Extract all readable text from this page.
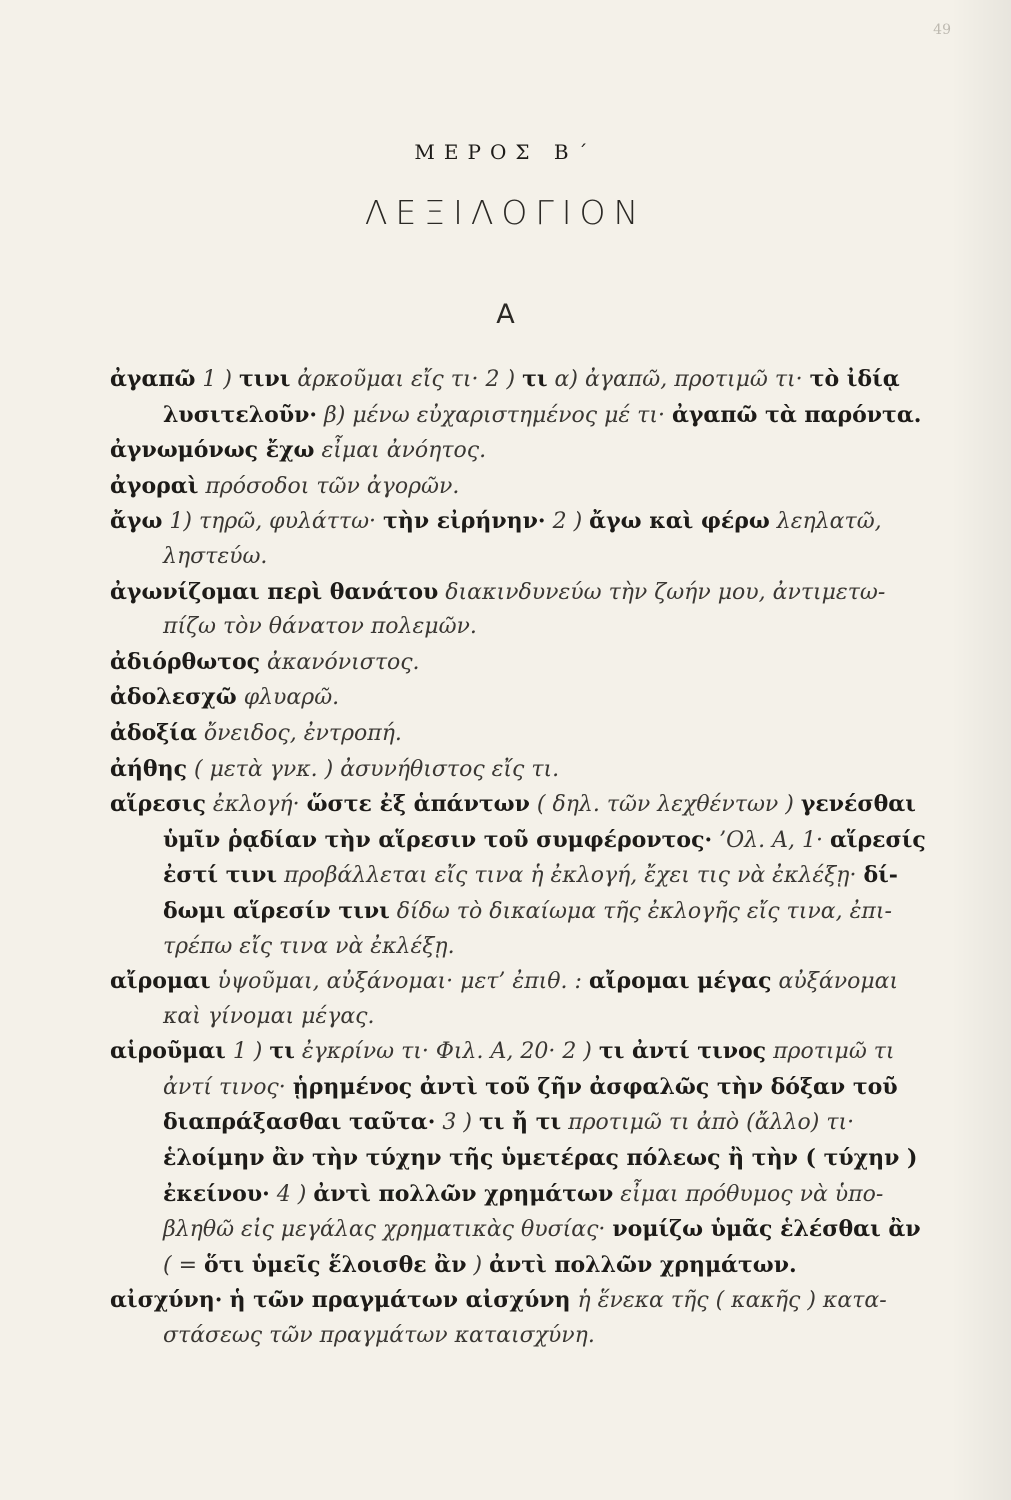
49
ΜΕΡΟΣ Β΄
ΛΕΞΙΛΟΓΙΟΝ
Α
ἀγαπῶ 1 ) τινι ἀρκοῦμαι εἴς τι· 2 ) τι α) ἀγαπῶ, προτιμῶ τι· τὸ ἰδίᾳ
λυσιτελοῦν· β) μένω εὐχαριστημένος μέ τι· ἀγαπῶ τὰ παρόντα.
ἀγνωμόνως ἔχω εἶμαι ἀνόητος.
ἀγοραὶ πρόσοδοι τῶν ἀγορῶν.
ἄγω 1) τηρῶ, φυλάττω· τὴν εἰρήνην· 2 ) ἄγω καὶ φέρω λεηλατῶ,
ληστεύω.
ἀγωνίζομαι περὶ θανάτου διακινδυνεύω τὴν ζωήν μου, ἀντιμετω-
πίζω τὸν θάνατον πολεμῶν.
ἀδιόρθωτος ἀκανόνιστος.
ἀδολεσχῶ φλυαρῶ.
ἀδοξία ὄνειδος, ἐντροπή.
ἀήθης ( μετὰ γνκ. ) ἀσυνήθιστος εἴς τι.
αἵρεσις ἐκλογή· ὥστε ἐξ ἁπάντων ( δηλ. τῶν λεχθέντων ) γενέσθαι
ὑμῖν ῥᾳδίαν τὴν αἵρεσιν τοῦ συμφέροντος· ’Ολ. Α, 1· αἵρεσίς
ἐστί τινι προβάλλεται εἴς τινα ἡ ἐκλογή, ἔχει τις νὰ ἐκλέξῃ· δί-
δωμι αἵρεσίν τινι δίδω τὸ δικαίωμα τῆς ἐκλογῆς εἴς τινα, ἐπι-
τρέπω εἴς τινα νὰ ἐκλέξῃ.
αἴρομαι ὑψοῦμαι, αὐξάνομαι· μετ’ ἐπιθ. : αἴρομαι μέγας αὐξάνομαι
καὶ γίνομαι μέγας.
αἱροῦμαι 1 ) τι ἐγκρίνω τι· Φιλ. Α, 20· 2 ) τι ἀντί τινος προτιμῶ τι
ἀντί τινος· ᾑρημένος ἀντὶ τοῦ ζῆν ἀσφαλῶς τὴν δόξαν τοῦ
διαπράξασθαι ταῦτα· 3 ) τι ἤ τι προτιμῶ τι ἀπὸ (ἄλλο) τι·
ἑλοίμην ἂν τὴν τύχην τῆς ὑμετέρας πόλεως ἢ τὴν ( τύχην )
ἐκείνου· 4 ) ἀντὶ πολλῶν χρημάτων εἶμαι πρόθυμος νὰ ὑπο-
βληθῶ εἰς μεγάλας χρηματικὰς θυσίας· νομίζω ὑμᾶς ἑλέσθαι ἂν
( = ὅτι ὑμεῖς ἕλοισθε ἂν ) ἀντὶ πολλῶν χρημάτων.
αἰσχύνη· ἡ τῶν πραγμάτων αἰσχύνη ἡ ἕνεκα τῆς ( κακῆς ) κατα-
στάσεως τῶν πραγμάτων καταισχύνη.
